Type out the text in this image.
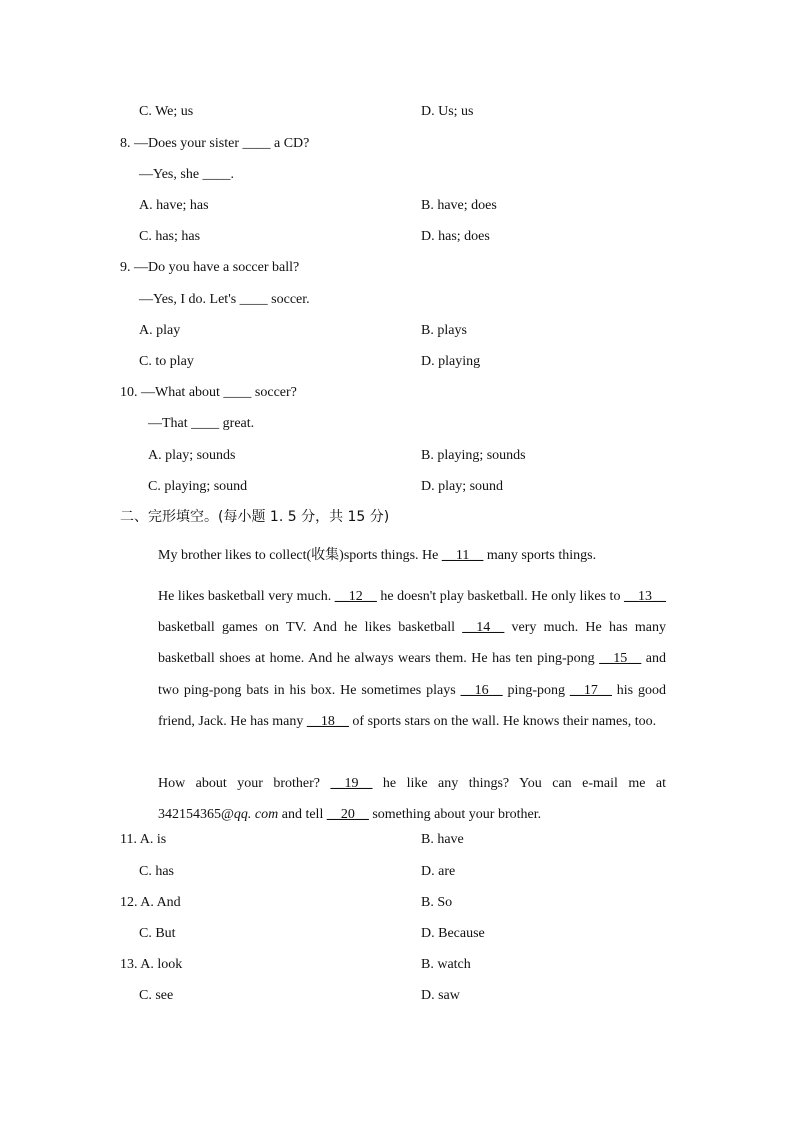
C. We; us	D. Us; us
8. —Does your sister ____ a CD?
—Yes, she ____.
A. have; has	B. have; does
C. has; has	D. has; does
9. —Do you have a soccer ball?
—Yes, I do. Let's ____ soccer.
A. play	B. plays
C. to play	D. playing
10. —What about ____ soccer?
—That ____ great.
A. play; sounds	B. playing; sounds
C. playing; sound	D. play; sound
二、完形填空。(每小题 1. 5 分，共 15 分)
My brother likes to collect(收集)sports things. He __11__ many sports things.
He likes basketball very much. __12__ he doesn't play basketball. He only likes to __13__ basketball games on TV. And he likes basketball __14__ very much. He has many basketball shoes at home. And he always wears them. He has ten ping-pong __15__ and two ping-pong bats in his box. He sometimes plays __16__ ping-pong __17__ his good friend, Jack. He has many __18__ of sports stars on the wall. He knows their names, too.
How about your brother? __19__ he like any things? You can e-mail me at 342154365@qq. com and tell __20__ something about your brother.
11. A. is	B. have
C. has	D. are
12. A. And	B. So
C. But	D. Because
13. A. look	B. watch
C. see	D. saw
